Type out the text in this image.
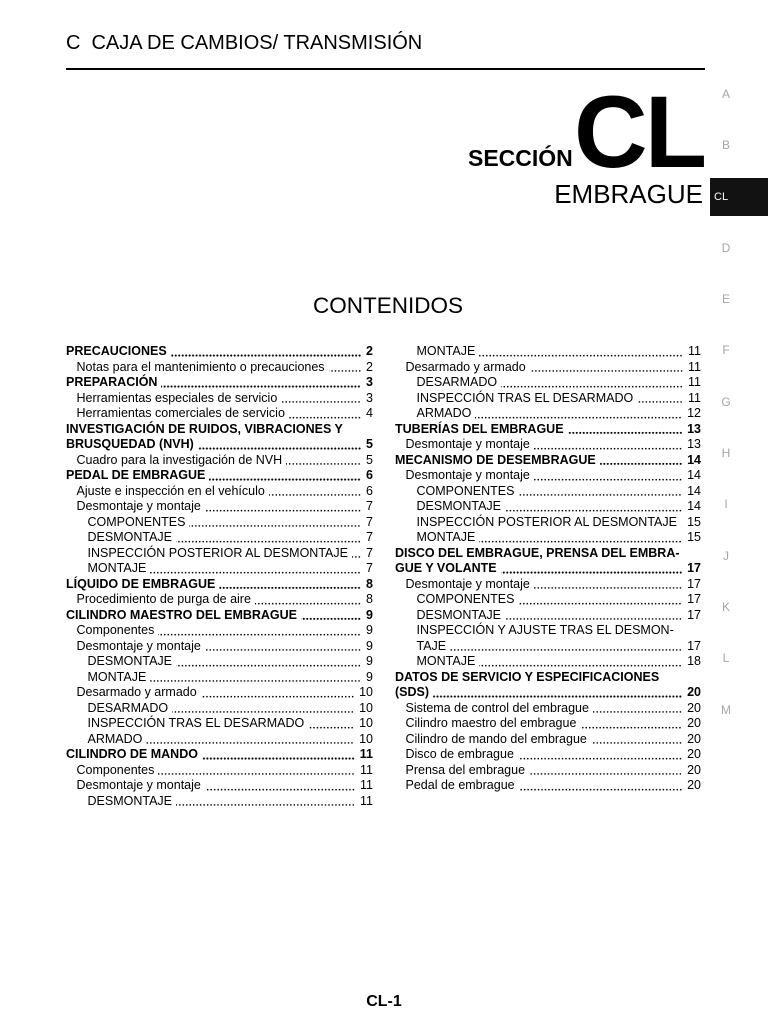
C CAJA DE CAMBIOS/ TRANSMISIÓN
SECCIÓN CL
EMBRAGUE
CONTENIDOS
PRECAUCIONES	2
Notas para el mantenimiento o precauciones	2
PREPARACIÓN	3
Herramientas especiales de servicio	3
Herramientas comerciales de servicio	4
INVESTIGACIÓN DE RUIDOS, VIBRACIONES Y
BRUSQUEDAD (NVH)	5
Cuadro para la investigación de NVH	5
PEDAL DE EMBRAGUE	6
Ajuste e inspección en el vehículo	6
Desmontaje y montaje	7
COMPONENTES	7
DESMONTAJE	7
INSPECCIÓN POSTERIOR AL DESMONTAJE 7
MONTAJE	7
LÍQUIDO DE EMBRAGUE	8
Procedimiento de purga de aire	8
CILINDRO MAESTRO DEL EMBRAGUE	9
Componentes	9
Desmontaje y montaje	9
DESMONTAJE	9
MONTAJE	9
Desarmado y armado	10
DESARMADO	10
INSPECCIÓN TRAS EL DESARMADO	10
ARMADO	10
CILINDRO DE MANDO	11
Componentes	11
Desmontaje y montaje	11
DESMONTAJE	11
MONTAJE	11
Desarmado y armado	11
DESARMADO	11
INSPECCIÓN TRAS EL DESARMADO	11
ARMADO	12
TUBERÍAS DEL EMBRAGUE	13
Desmontaje y montaje	13
MECANISMO DE DESEMBRAGUE	14
Desmontaje y montaje	14
COMPONENTES	14
DESMONTAJE	14
INSPECCIÓN POSTERIOR AL DESMONTAJE 15
MONTAJE	15
DISCO DEL EMBRAGUE, PRENSA DEL EMBRA-
GUE Y VOLANTE	17
Desmontaje y montaje	17
COMPONENTES	17
DESMONTAJE	17
INSPECCIÓN Y AJUSTE TRAS EL DESMON-
TAJE	17
MONTAJE	18
DATOS DE SERVICIO Y ESPECIFICACIONES
(SDS)	20
Sistema de control del embrague	20
Cilindro maestro del embrague	20
Cilindro de mando del embrague	20
Disco de embrague	20
Prensa del embrague	20
Pedal de embrague	20
A
B
CL
D
E
F
G
H
I
J
K
L
M
CL-1
